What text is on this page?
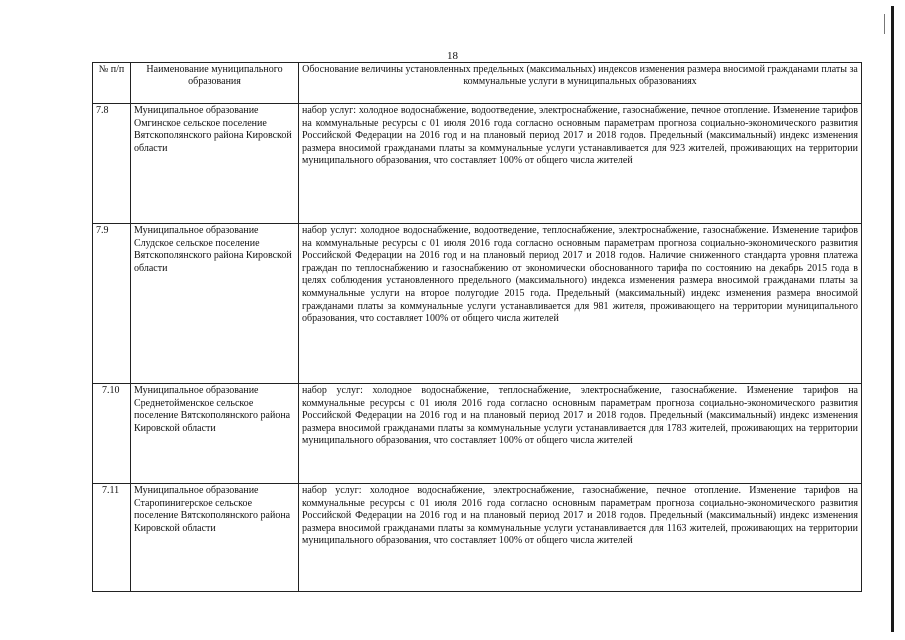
18
№ п/п	Наименование муниципального образования	Обоснование величины установленных предельных (максимальных) индексов изменения размера вносимой гражданами платы за коммунальные услуги в муниципальных образованиях
7.8	Муниципальное образование Омгинское сельское поселение Вятскополянского района Кировской области	набор услуг: холодное водоснабжение, водоотведение, электроснабжение, газоснабжение, печное отопление. Изменение тарифов на коммунальные ресурсы с 01 июля 2016 года согласно основным параметрам прогноза социально-экономического развития Российской Федерации на 2016 год и на плановый период 2017 и 2018 годов. Предельный (максимальный) индекс изменения размера вносимой гражданами платы за коммунальные услуги устанавливается для 923 жителей, проживающих на территории муниципального образования, что составляет 100% от общего числа жителей
7.9	Муниципальное образование Слудское сельское поселение Вятскополянского района Кировской области	набор услуг: холодное водоснабжение, водоотведение, теплоснабжение, электроснабжение, газоснабжение. Изменение тарифов на коммунальные ресурсы с 01 июля 2016 года согласно основным параметрам прогноза социально-экономического развития Российской Федерации на 2016 год и на плановый период 2017 и 2018 годов. Наличие сниженного стандарта уровня платежа граждан по теплоснабжению и газоснабжению от экономически обоснованного тарифа по состоянию на декабрь 2015 года в целях соблюдения установленного предельного (максимального) индекса изменения размера вносимой гражданами платы за коммунальные услуги на второе полугодие 2015 года. Предельный (максимальный) индекс изменения размера вносимой гражданами платы за коммунальные услуги устанавливается для 981 жителя, проживающего на территории муниципального образования, что составляет 100% от общего числа жителей
7.10	Муниципальное образование Среднетойменское сельское поселение Вятскополянского района Кировской области	набор услуг: холодное водоснабжение, теплоснабжение, электроснабжение, газоснабжение. Изменение тарифов на коммунальные ресурсы с 01 июля 2016 года согласно основным параметрам прогноза социально-экономического развития Российской Федерации на 2016 год и на плановый период 2017 и 2018 годов. Предельный (максимальный) индекс изменения размера вносимой гражданами платы за коммунальные услуги устанавливается для 1783 жителей, проживающих на территории муниципального образования, что составляет 100% от общего числа жителей
7.11	Муниципальное образование Старопинигерское сельское поселение Вятскополянского района Кировской области	набор услуг: холодное водоснабжение, электроснабжение, газоснабжение, печное отопление. Изменение тарифов на коммунальные ресурсы с 01 июля 2016 года согласно основным параметрам прогноза социально-экономического развития Российской Федерации на 2016 год и на плановый период 2017 и 2018 годов. Предельный (максимальный) индекс изменения размера вносимой гражданами платы за коммунальные услуги устанавливается для 1163 жителей, проживающих на территории муниципального образования, что составляет 100% от общего числа жителей
